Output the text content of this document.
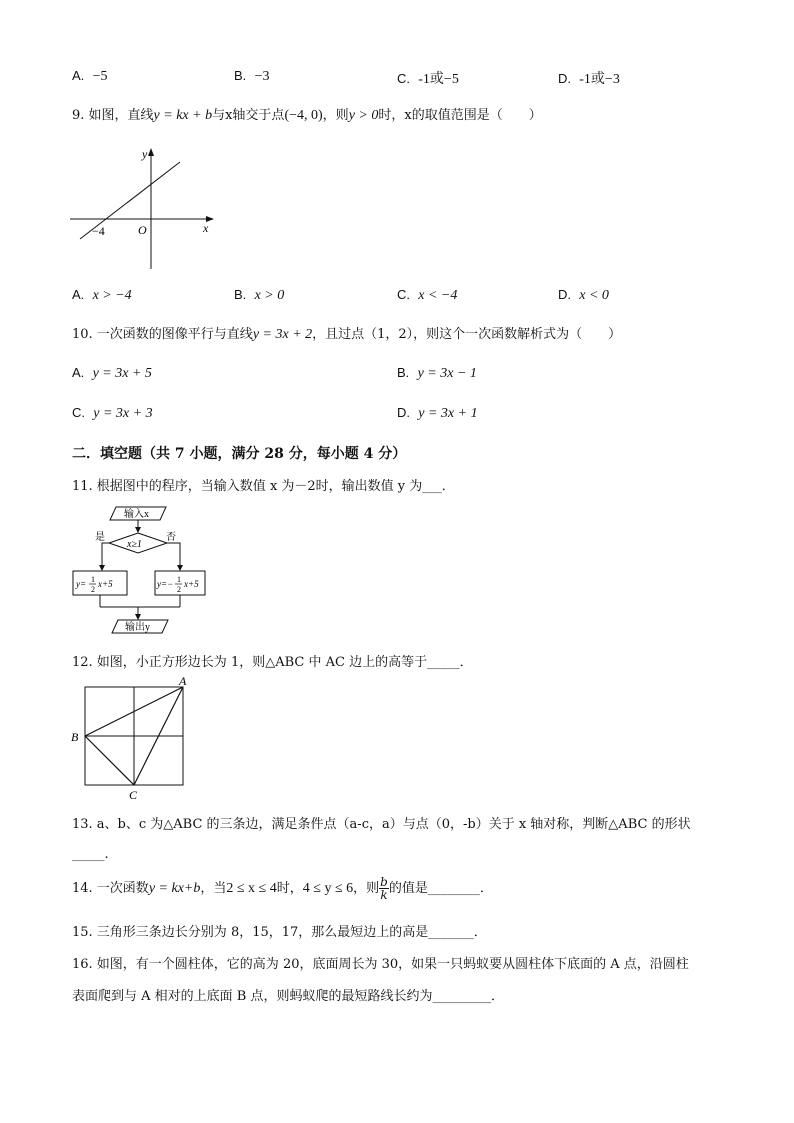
A. −5	B. −3	C. -1或−5	D. -1或−3
9. 如图，直线y = kx + b与x轴交于点(−4, 0)，则y > 0时，x的取值范围是（　　）
y
x
O
−4
A. x > −4	B. x > 0	C. x < −4	D. x < 0
10. 一次函数的图像平行与直线y = 3x + 2，且过点（1，2），则这个一次函数解析式为（　　）
A. y = 3x + 5	B. y = 3x − 1
C. y = 3x + 3	D. y = 3x + 1
二．填空题（共 7 小题，满分 28 分，每小题 4 分）
11. 根据图中的程序，当输入数值 x 为－2时，输出数值 y 为___．
输入x
x≥1
是	否
y= 1
2
x+5	y=− 1
2
x+5
输出y
12. 如图，小正方形边长为 1，则△ABC 中 AC 边上的高等于_____．
A
B
C
13. a、b、c 为△ABC 的三条边，满足条件点（a-c，a）与点（0，-b）关于 x 轴对称，判断△ABC 的形状
_____.
14. 一次函数y = kx+b，当2 ≤ x ≤ 4时，4 ≤ y ≤ 6，则 $\frac{b}{k}$ 的值是________．
15. 三角形三条边长分别为 8，15，17，那么最短边上的高是_______．
16. 如图，有一个圆柱体，它的高为 20，底面周长为 30，如果一只蚂蚁要从圆柱体下底面的 A 点，沿圆柱
表面爬到与 A 相对的上底面 B 点，则蚂蚁爬的最短路线长约为_________．
